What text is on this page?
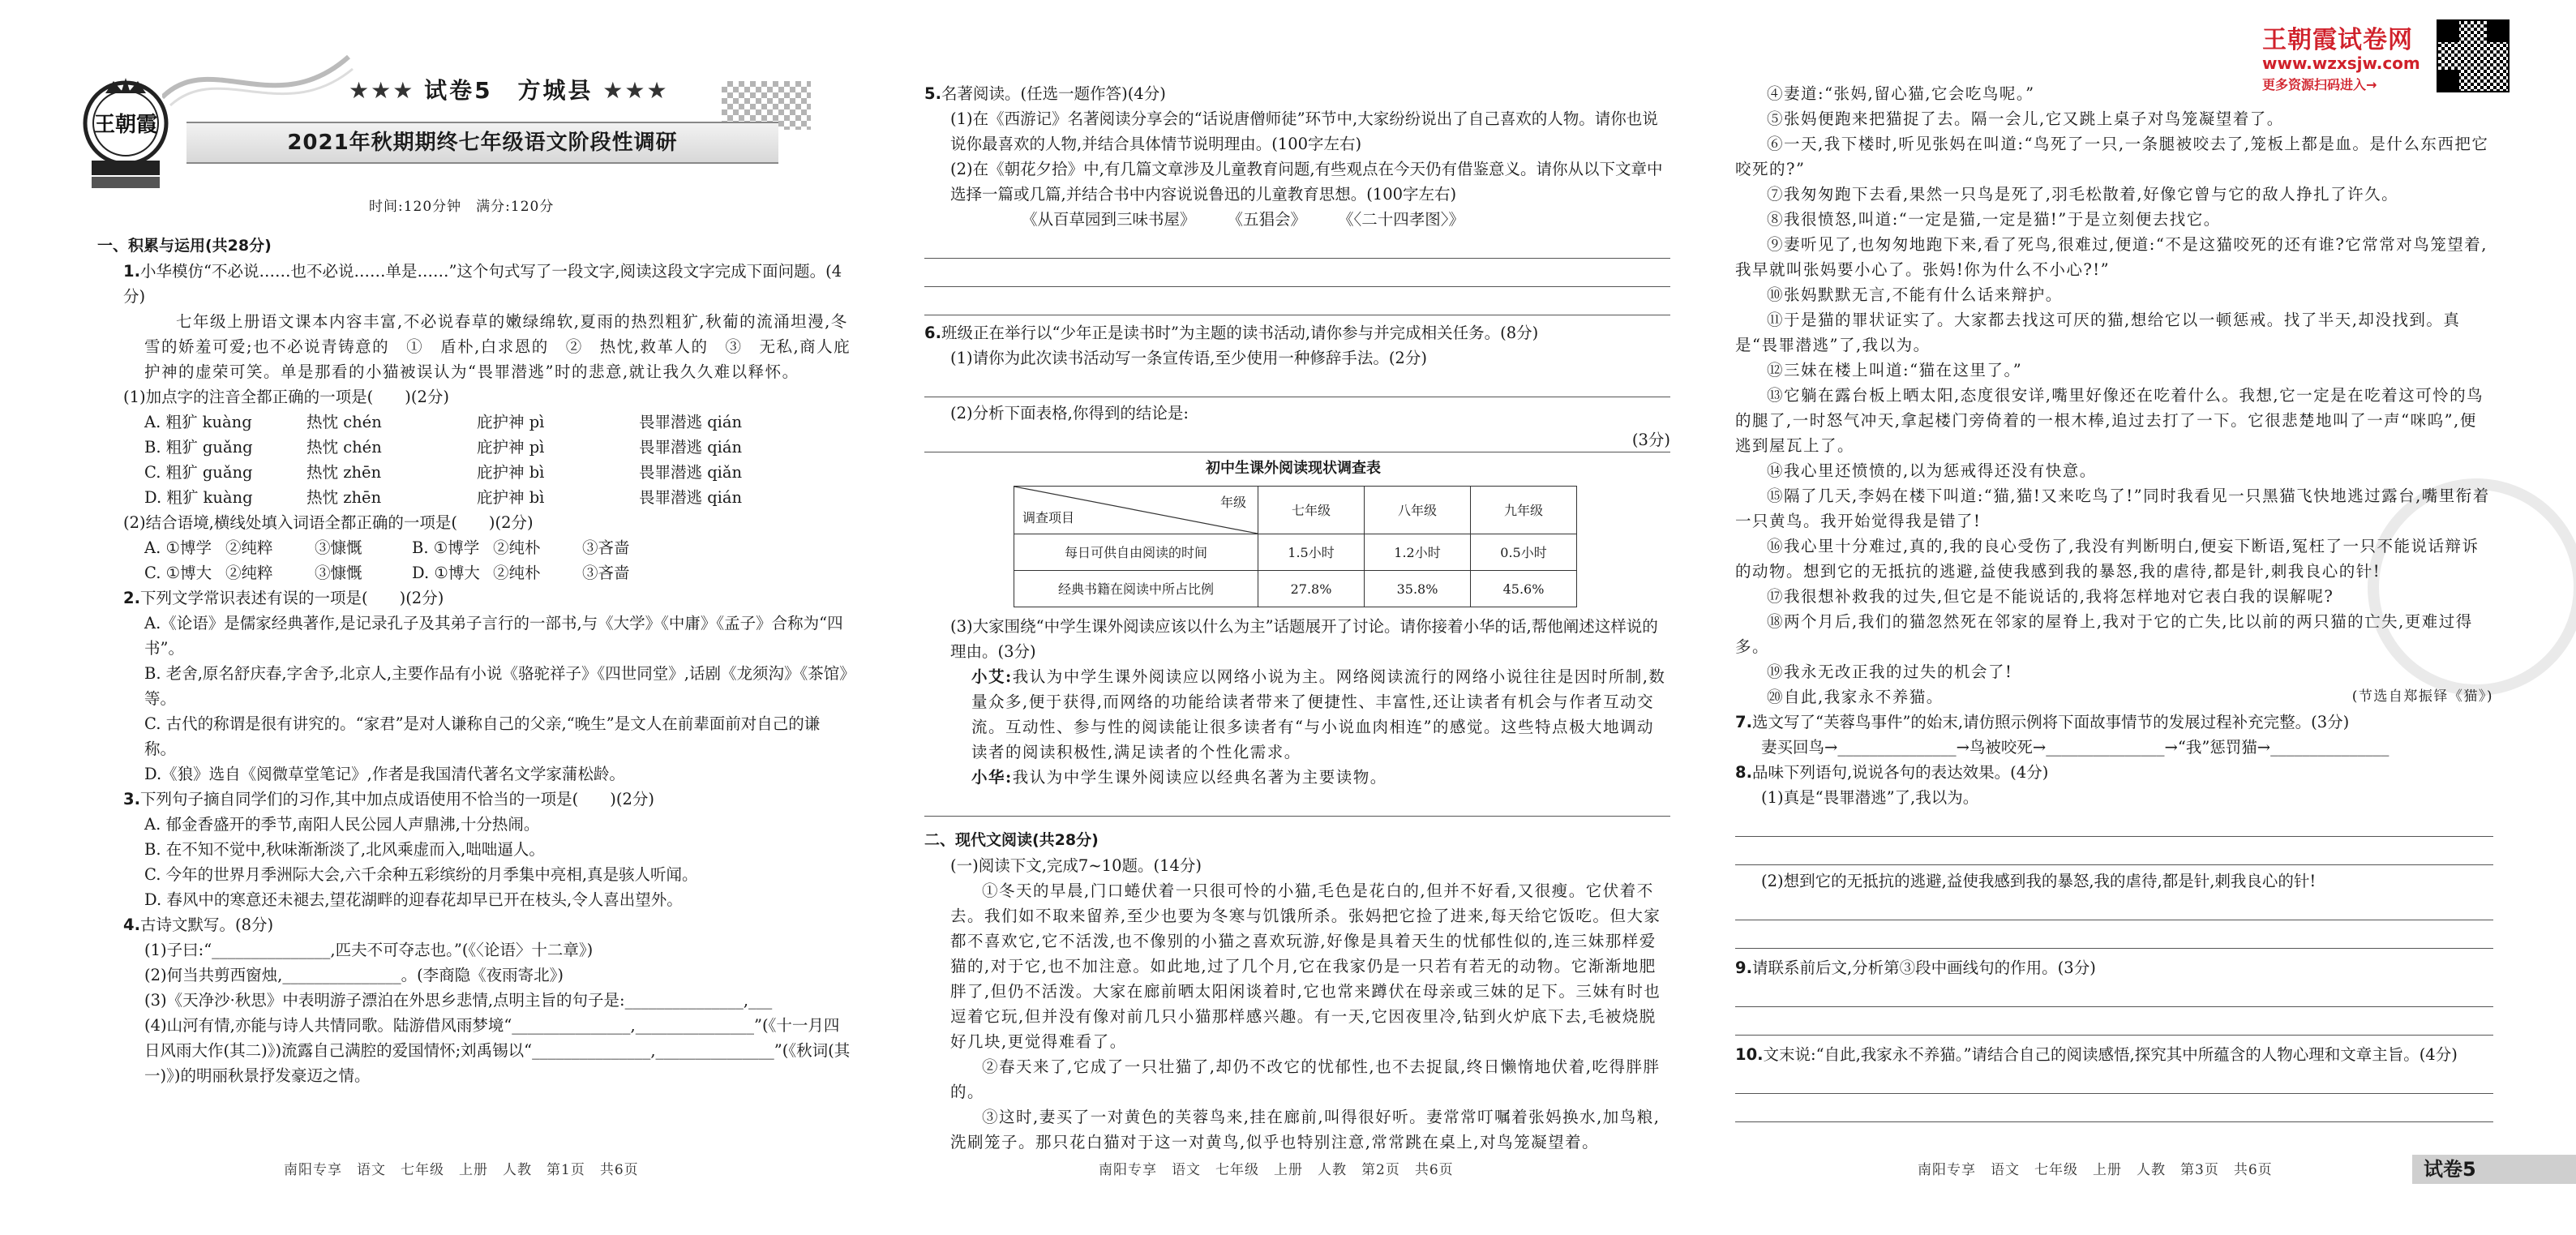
王朝霞
★★★ 试卷5　方城县 ★★★
2021年秋期期终七年级语文阶段性调研
时间:120分钟　满分:120分
王朝霞试卷网
www.wzxsjw.com
更多资源扫码进入→

一、积累与运用(共28分)

1.小华模仿“不必说……也不必说……单是……”这个句式写了一段文字,阅读这段文字完成下面问题。(4分)

七年级上册语文课本内容丰富,不必说春草的嫩绿绵软,夏雨的热烈粗犷,秋葡的流涌坦漫,冬雪的娇羞可爱;也不必说青铸意的　①　盾朴,白求恩的　②　热忱,救革人的　③　无私,商人庇护神的虚荣可笑。单是那看的小猫被误认为“畏罪潜逃”时的悲意,就让我久久难以释怀。

(1)加点字的注音全都正确的一项是(　　)(2分)

A. 粗犷 kuàng	热忱 chén	庇护神 pì	畏罪潜逃 qián
B. 粗犷 guǎng	热忱 chén	庇护神 pì	畏罪潜逃 qián
C. 粗犷 guǎng	热忱 zhēn	庇护神 bì	畏罪潜逃 qiǎn
D. 粗犷 kuàng	热忱 zhēn	庇护神 bì	畏罪潜逃 qián

(2)结合语境,横线处填入词语全都正确的一项是(　　)(2分)

A. ①博学 ②纯粹	③慷慨	B. ①博学 ②纯朴	③吝啬
C. ①博大 ②纯粹	③慷慨	D. ①博大 ②纯朴	③吝啬

2.下列文学常识表述有误的一项是(　　)(2分)

A.《论语》是儒家经典著作,是记录孔子及其弟子言行的一部书,与《大学》《中庸》《孟子》合称为“四书”。

B. 老舍,原名舒庆春,字舍予,北京人,主要作品有小说《骆驼祥子》《四世同堂》,话剧《龙须沟》《茶馆》等。

C. 古代的称谓是很有讲究的。“家君”是对人谦称自己的父亲,“晚生”是文人在前辈面前对自己的谦称。

D.《狼》选自《阅微草堂笔记》,作者是我国清代著名文学家蒲松龄。

3.下列句子摘自同学们的习作,其中加点成语使用不恰当的一项是(　　)(2分)

A. 郁金香盛开的季节,南阳人民公园人声鼎沸,十分热闹。

B. 在不知不觉中,秋味渐渐淡了,北风乘虚而入,咄咄逼人。

C. 今年的世界月季洲际大会,六千余种五彩缤纷的月季集中亮相,真是骇人听闻。

D. 春风中的寒意还未褪去,望花湖畔的迎春花却早已开在枝头,令人喜出望外。

4.古诗文默写。(8分)

(1)子曰:“_______________,匹夫不可夺志也。”(《〈论语〉十二章》)

(2)何当共剪西窗烛,_______________。(李商隐《夜雨寄北》)

(3)《天净沙·秋思》中表明游子漂泊在外思乡悲情,点明主旨的句子是:_______________,___

(4)山河有情,亦能与诗人共情同歌。陆游借风雨梦境“_______________,_______________”(《十一月四日风雨大作(其二)》)流露自己满腔的爱国情怀;刘禹锡以“_______________,_______________”(《秋词(其一)》)的明丽秋景抒发豪迈之情。

南阳专享　语文　七年级　上册　人教　第1页　共6页

5.名著阅读。(任选一题作答)(4分)

(1)在《西游记》名著阅读分享会的“话说唐僧师徒”环节中,大家纷纷说出了自己喜欢的人物。请你也说说你最喜欢的人物,并结合具体情节说明理由。(100字左右)

(2)在《朝花夕拾》中,有几篇文章涉及儿童教育问题,有些观点在今天仍有借鉴意义。请你从以下文章中选择一篇或几篇,并结合书中内容说说鲁迅的儿童教育思想。(100字左右)

《从百草园到三味书屋》　　　《五猖会》　　　《〈二十四孝图〉》

6.班级正在举行以“少年正是读书时”为主题的读书活动,请你参与并完成相关任务。(8分)

(1)请你为此次读书活动写一条宣传语,至少使用一种修辞手法。(2分)

(2)分析下面表格,你得到的结论是:

(3分)
初中生课外阅读现状调查表
年级
调查项目	七年级	八年级	九年级
每日可供自由阅读的时间	1.5小时	1.2小时	0.5小时
经典书籍在阅读中所占比例	27.8%	35.8%	45.6%

(3)大家围绕“中学生课外阅读应该以什么为主”话题展开了讨论。请你接着小华的话,帮他阐述这样说的理由。(3分)

小艾:我认为中学生课外阅读应以网络小说为主。网络阅读流行的网络小说往往是因时所制,数量众多,便于获得,而网络的功能给读者带来了便捷性、丰富性,还让读者有机会与作者互动交流。互动性、参与性的阅读能让很多读者有“与小说血肉相连”的感觉。这些特点极大地调动读者的阅读积极性,满足读者的个性化需求。

小华:我认为中学生课外阅读应以经典名著为主要读物。

二、现代文阅读(共28分)

(一)阅读下文,完成7~10题。(14分)

①冬天的早晨,门口蜷伏着一只很可怜的小猫,毛色是花白的,但并不好看,又很瘦。它伏着不去。我们如不取来留养,至少也要为冬寒与饥饿所杀。张妈把它捡了进来,每天给它饭吃。但大家都不喜欢它,它不活泼,也不像别的小猫之喜欢玩游,好像是具着天生的忧郁性似的,连三妹那样爱猫的,对于它,也不加注意。如此地,过了几个月,它在我家仍是一只若有若无的动物。它渐渐地肥胖了,但仍不活泼。大家在廊前晒太阳闲谈着时,它也常来蹲伏在母亲或三妹的足下。三妹有时也逗着它玩,但并没有像对前几只小猫那样感兴趣。有一天,它因夜里冷,钻到火炉底下去,毛被烧脱好几块,更觉得难看了。

②春天来了,它成了一只壮猫了,却仍不改它的忧郁性,也不去捉鼠,终日懒惰地伏着,吃得胖胖的。

③这时,妻买了一对黄色的芙蓉鸟来,挂在廊前,叫得很好听。妻常常叮嘱着张妈换水,加鸟粮,洗刷笼子。那只花白猫对于这一对黄鸟,似乎也特别注意,常常跳在桌上,对鸟笼凝望着。

南阳专享　语文　七年级　上册　人教　第2页　共6页

④妻道:“张妈,留心猫,它会吃鸟呢。”

⑤张妈便跑来把猫捉了去。隔一会儿,它又跳上桌子对鸟笼凝望着了。

⑥一天,我下楼时,听见张妈在叫道:“鸟死了一只,一条腿被咬去了,笼板上都是血。是什么东西把它咬死的?”

⑦我匆匆跑下去看,果然一只鸟是死了,羽毛松散着,好像它曾与它的敌人挣扎了许久。

⑧我很愤怒,叫道:“一定是猫,一定是猫!”于是立刻便去找它。

⑨妻听见了,也匆匆地跑下来,看了死鸟,很难过,便道:“不是这猫咬死的还有谁?它常常对鸟笼望着,我早就叫张妈要小心了。张妈!你为什么不小心?!”

⑩张妈默默无言,不能有什么话来辩护。

⑪于是猫的罪状证实了。大家都去找这可厌的猫,想给它以一顿惩戒。找了半天,却没找到。真是“畏罪潜逃”了,我以为。

⑫三妹在楼上叫道:“猫在这里了。”

⑬它躺在露台板上晒太阳,态度很安详,嘴里好像还在吃着什么。我想,它一定是在吃着这可怜的鸟的腿了,一时怒气冲天,拿起楼门旁倚着的一根木棒,追过去打了一下。它很悲楚地叫了一声“咪呜”,便逃到屋瓦上了。

⑭我心里还愤愤的,以为惩戒得还没有快意。

⑮隔了几天,李妈在楼下叫道:“猫,猫!又来吃鸟了!”同时我看见一只黑猫飞快地逃过露台,嘴里衔着一只黄鸟。我开始觉得我是错了!

⑯我心里十分难过,真的,我的良心受伤了,我没有判断明白,便妄下断语,冤枉了一只不能说话辩诉的动物。想到它的无抵抗的逃避,益使我感到我的暴怒,我的虐待,都是针,刺我良心的针!

⑰我很想补救我的过失,但它是不能说话的,我将怎样地对它表白我的误解呢?

⑱两个月后,我们的猫忽然死在邻家的屋脊上,我对于它的亡失,比以前的两只猫的亡失,更难过得多。

⑲我永无改正我的过失的机会了!

⑳自此,我家永不养猫。	(节选自郑振铎《猫》)

7.选文写了“芙蓉鸟事件”的始末,请仿照示例将下面故事情节的发展过程补充完整。(3分)

妻买回鸟→_______________→鸟被咬死→_______________→“我”惩罚猫→_______________

8.品味下列语句,说说各句的表达效果。(4分)

(1)真是“畏罪潜逃”了,我以为。

(2)想到它的无抵抗的逃避,益使我感到我的暴怒,我的虐待,都是针,刺我良心的针!

9.请联系前后文,分析第③段中画线句的作用。(3分)

10.文末说:“自此,我家永不养猫。”请结合自己的阅读感悟,探究其中所蕴含的人物心理和文章主旨。(4分)

南阳专享　语文　七年级　上册　人教　第3页　共6页	试卷5
